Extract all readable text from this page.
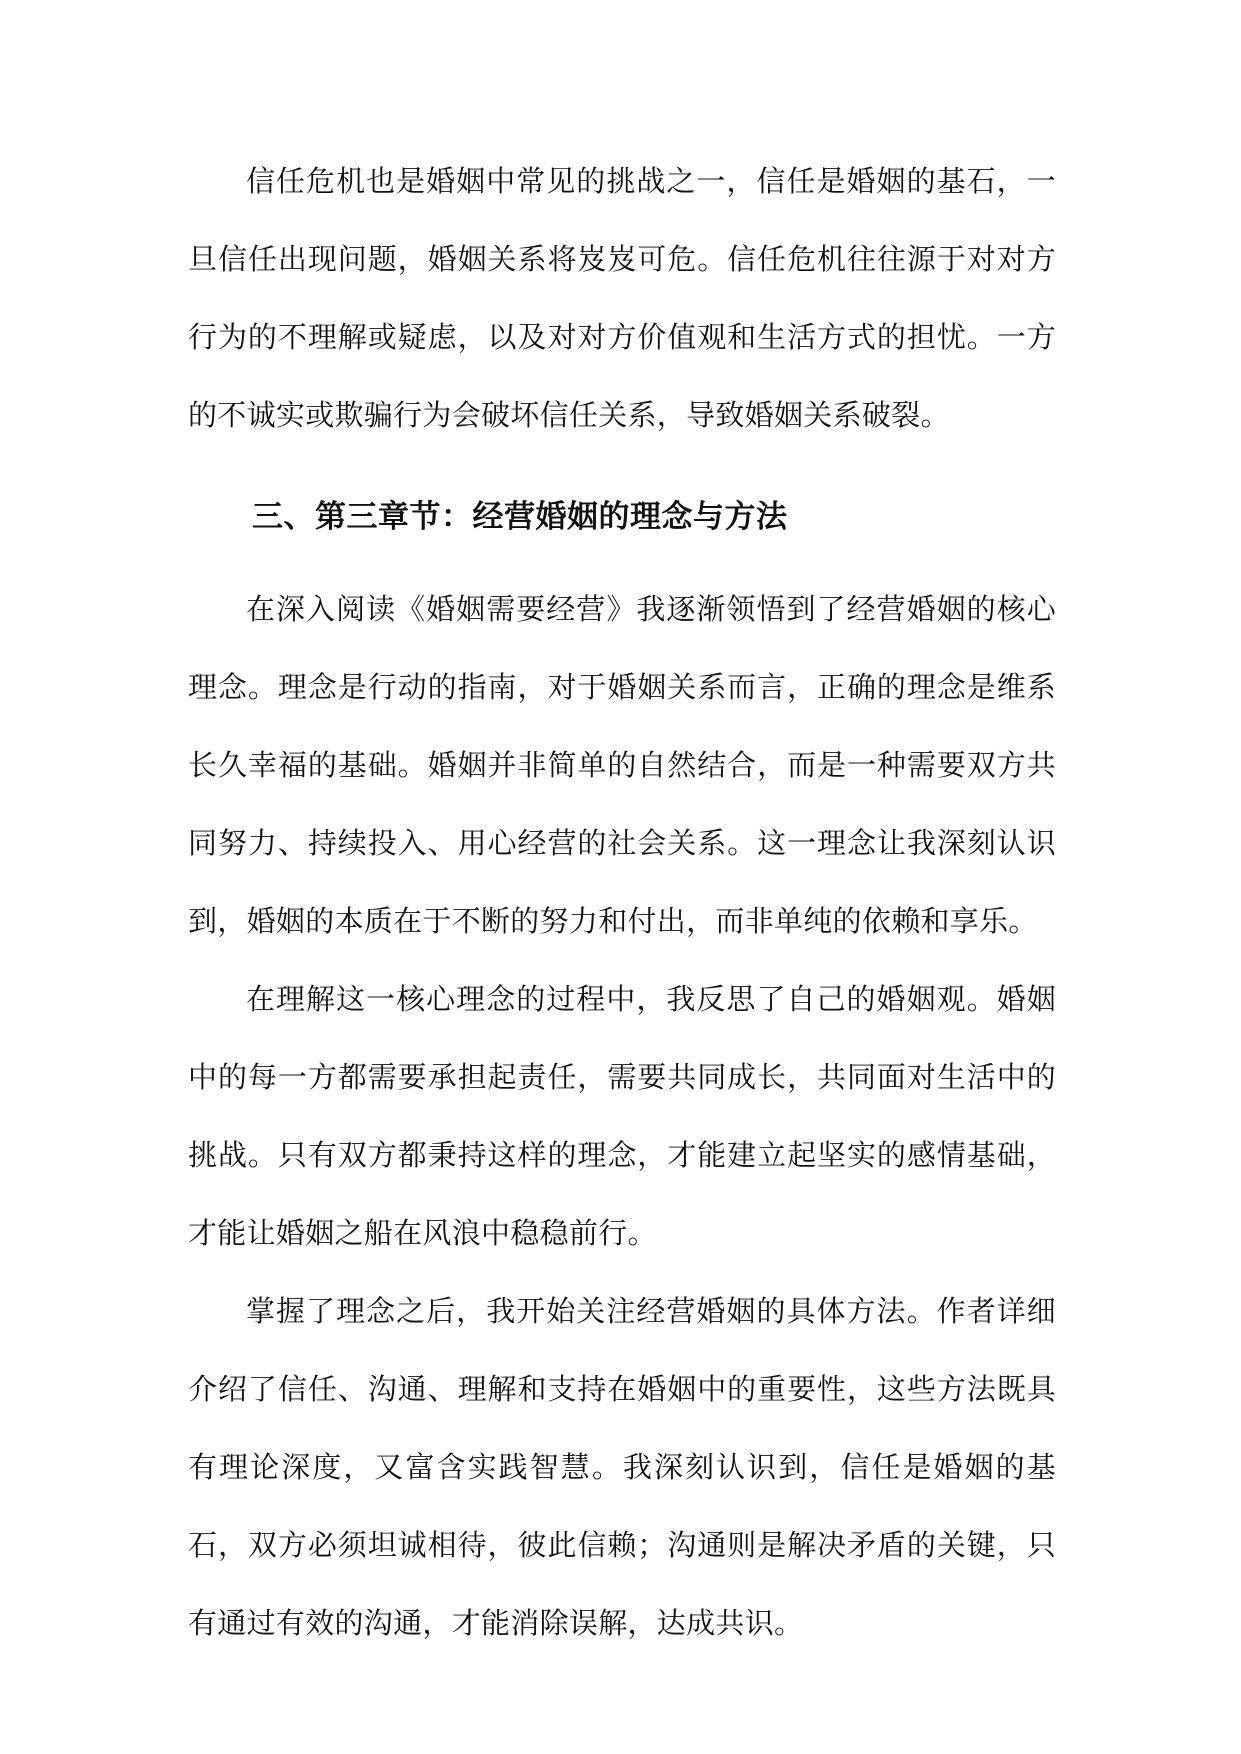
信任危机也是婚姻中常见的挑战之一，信任是婚姻的基石，一旦信任出现问题，婚姻关系将岌岌可危。信任危机往往源于对对方行为的不理解或疑虑，以及对对方价值观和生活方式的担忧。一方的不诚实或欺骗行为会破坏信任关系，导致婚姻关系破裂。

三、第三章节：经营婚姻的理念与方法

在深入阅读《婚姻需要经营》我逐渐领悟到了经营婚姻的核心理念。理念是行动的指南，对于婚姻关系而言，正确的理念是维系长久幸福的基础。婚姻并非简单的自然结合，而是一种需要双方共同努力、持续投入、用心经营的社会关系。这一理念让我深刻认识到，婚姻的本质在于不断的努力和付出，而非单纯的依赖和享乐。

在理解这一核心理念的过程中，我反思了自己的婚姻观。婚姻中的每一方都需要承担起责任，需要共同成长，共同面对生活中的挑战。只有双方都秉持这样的理念，才能建立起坚实的感情基础，才能让婚姻之船在风浪中稳稳前行。

掌握了理念之后，我开始关注经营婚姻的具体方法。作者详细介绍了信任、沟通、理解和支持在婚姻中的重要性，这些方法既具有理论深度，又富含实践智慧。我深刻认识到，信任是婚姻的基石，双方必须坦诚相待，彼此信赖；沟通则是解决矛盾的关键，只有通过有效的沟通，才能消除误解，达成共识。
